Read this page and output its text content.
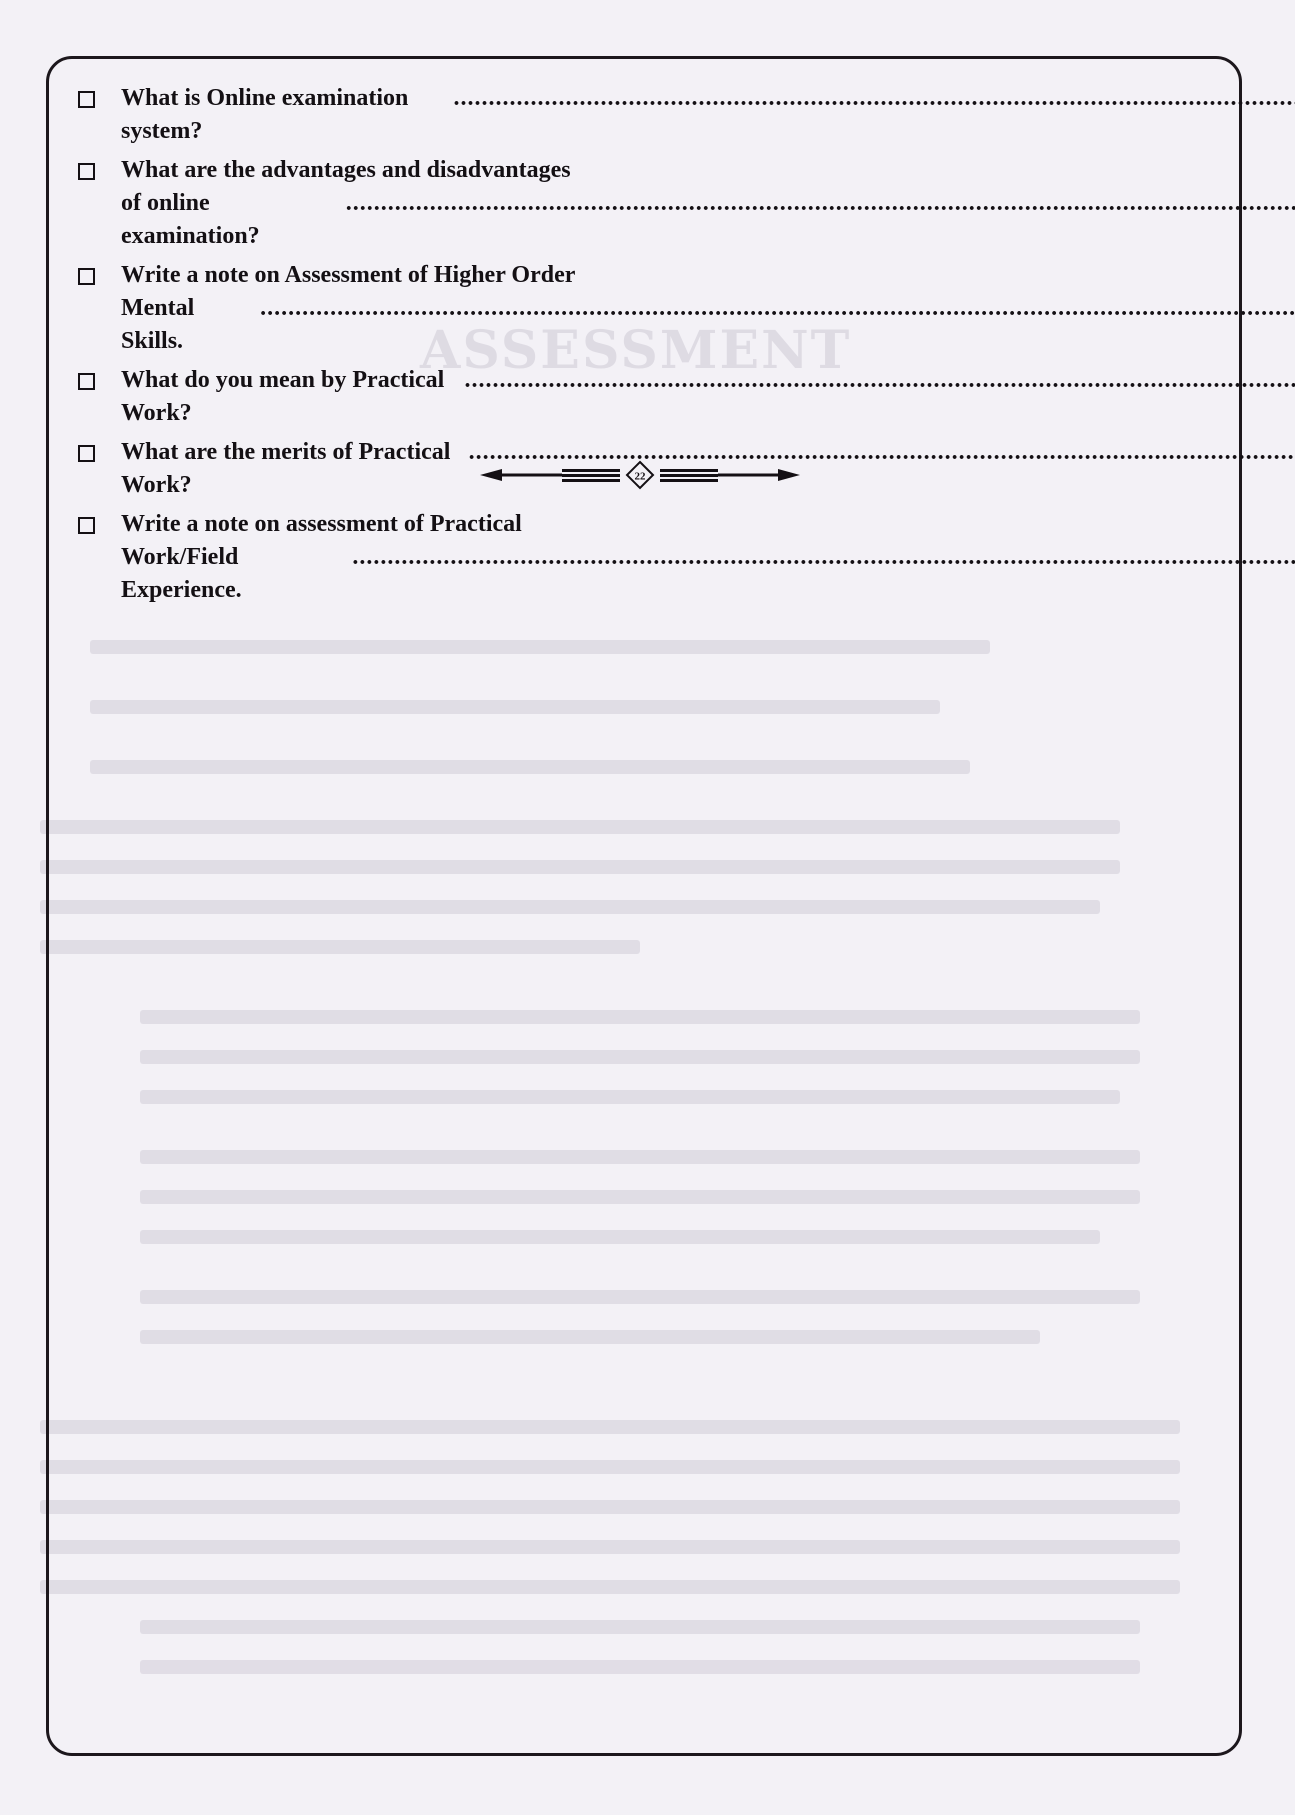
ASSESSMENT
What is Online examination system?
.....
What are the advantages and disadvantages
of online examination?
.....
Write a note on Assessment of Higher Order
Mental Skills.
.....
What do you mean by Practical Work?
.....
What are the merits of Practical Work?
.....
Write a note on assessment of Practical
Work/Field Experience.
.....
22
